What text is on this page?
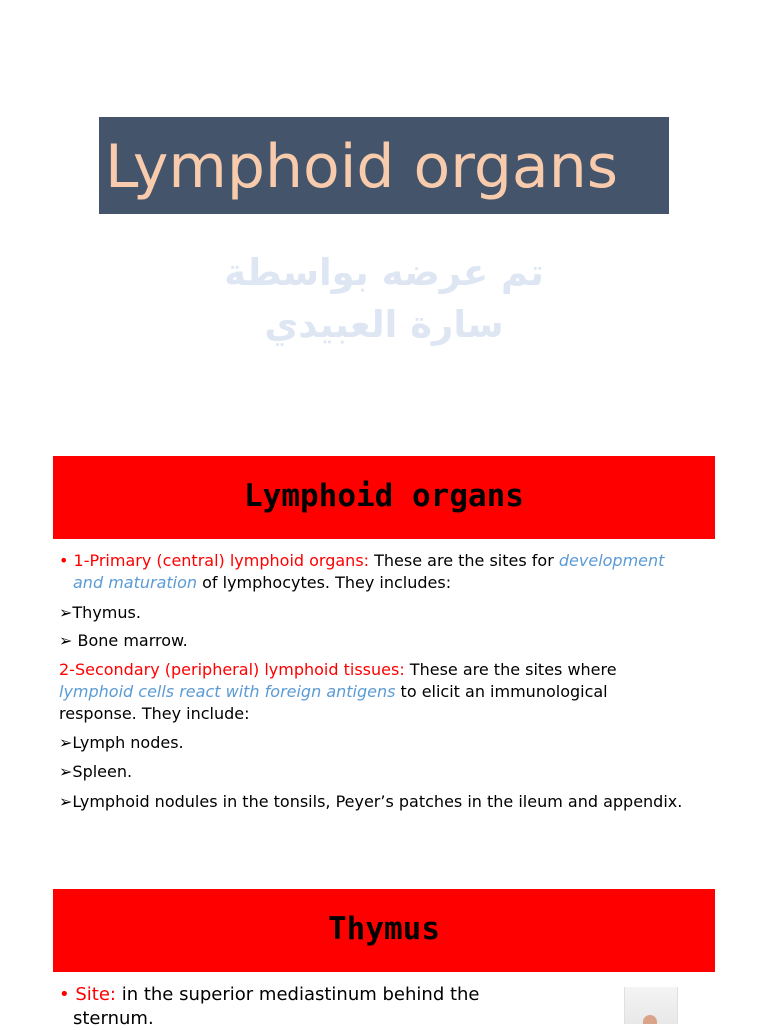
Lymphoid organs
تم عرضه بواسطة
سارة العبيدي
Lymphoid organs
• 1-Primary (central) lymphoid organs: These are the sites for development
and maturation of lymphocytes. They includes:
➢Thymus.
➢ Bone marrow.
2-Secondary (peripheral) lymphoid tissues: These are the sites where
lymphoid cells react with foreign antigens to elicit an immunological
response. They include:
➢Lymph nodes.
➢Spleen.
➢Lymphoid nodules in the tonsils, Peyer’s patches in the ileum and appendix.
Thymus
• Site: in the superior mediastinum behind the
sternum.
